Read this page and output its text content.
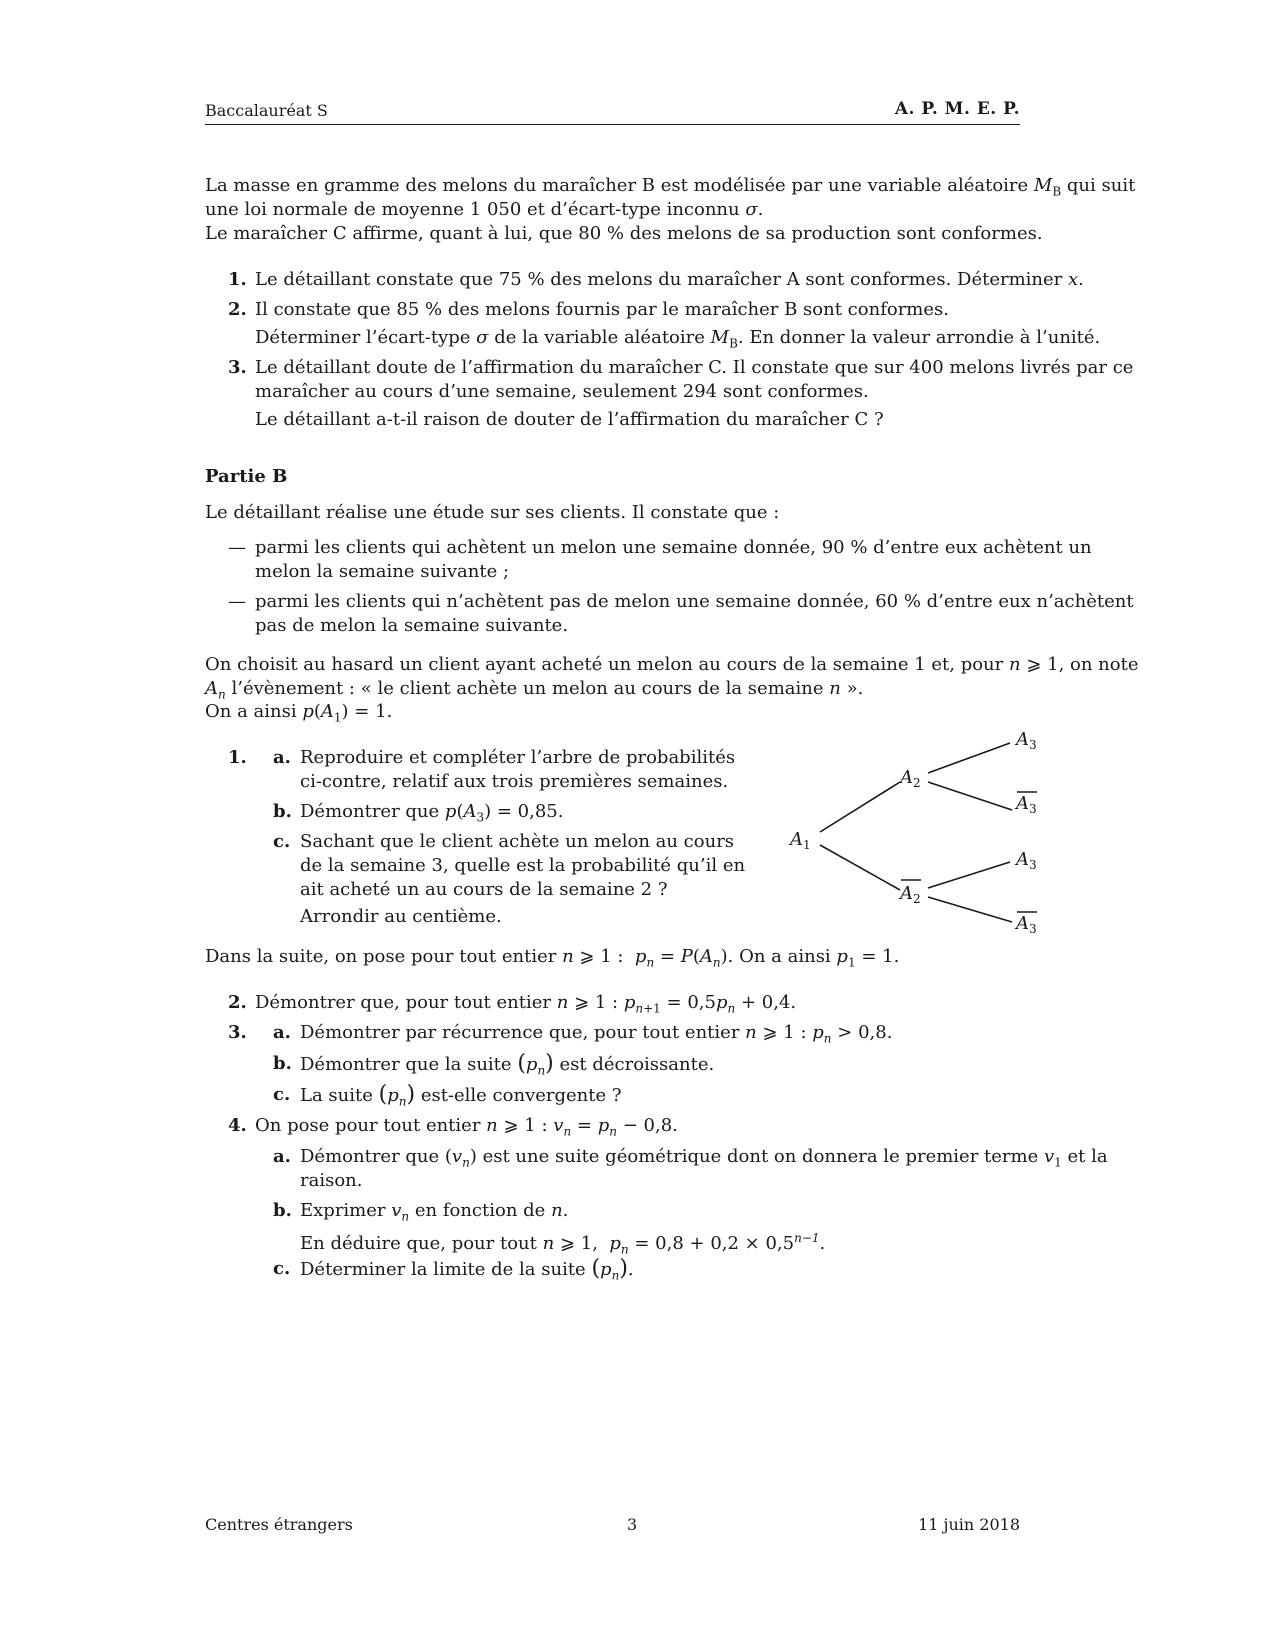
Baccalauréat S	A. P. M. E. P.
La masse en gramme des melons du maraîcher B est modélisée par une variable aléatoire $M_B$ qui suit
une loi normale de moyenne 1 050 et d’écart-type inconnu σ.
Le maraîcher C affirme, quant à lui, que 80 % des melons de sa production sont conformes.
1. Le détaillant constate que 75 % des melons du maraîcher A sont conformes. Déterminer x.
2. Il constate que 85 % des melons fournis par le maraîcher B sont conformes.
Déterminer l’écart-type σ de la variable aléatoire $M_B$. En donner la valeur arrondie à l’unité.
3. Le détaillant doute de l’affirmation du maraîcher C. Il constate que sur 400 melons livrés par ce
maraîcher au cours d’une semaine, seulement 294 sont conformes.
Le détaillant a-t-il raison de douter de l’affirmation du maraîcher C ?
Partie B
Le détaillant réalise une étude sur ses clients. Il constate que :
— parmi les clients qui achètent un melon une semaine donnée, 90 % d’entre eux achètent un
melon la semaine suivante ;
— parmi les clients qui n’achètent pas de melon une semaine donnée, 60 % d’entre eux n’achètent
pas de melon la semaine suivante.
On choisit au hasard un client ayant acheté un melon au cours de la semaine 1 et, pour n ⩾ 1, on note
$A_n$ l’évènement : « le client achète un melon au cours de la semaine n ».
On a ainsi $p(A_1) = 1$.
1. a. Reproduire et compléter l’arbre de probabilités
ci-contre, relatif aux trois premières semaines.
b. Démontrer que $p(A_3) = 0,85$.
c. Sachant que le client achète un melon au cours
de la semaine 3, quelle est la probabilité qu’il en
ait acheté un au cours de la semaine 2 ?
Arrondir au centième.
$A_1$
$A_2$
$A_2$
$A_3$
$A_3$
$A_3$
$A_3$
Dans la suite, on pose pour tout entier n ⩾ 1 : $p_n = P(A_n)$. On a ainsi $p_1 = 1$.
2. Démontrer que, pour tout entier n ⩾ 1 : $p_{n+1} = 0,5p_n + 0,4$.
3. a. Démontrer par récurrence que, pour tout entier n ⩾ 1 : $p_n > 0,8$.
b. Démontrer que la suite $(p_n)$ est décroissante.
c. La suite $(p_n)$ est-elle convergente ?
4. On pose pour tout entier n ⩾ 1 : $v_n = p_n - 0,8$.
a. Démontrer que $(v_n)$ est une suite géométrique dont on donnera le premier terme $v_1$ et la
raison.
b. Exprimer $v_n$ en fonction de n.
En déduire que, pour tout n ⩾ 1, $p_n = 0,8 + 0,2 \times 0,5^{n-1}$.
c. Déterminer la limite de la suite $(p_n)$.
Centres étrangers	3	11 juin 2018
